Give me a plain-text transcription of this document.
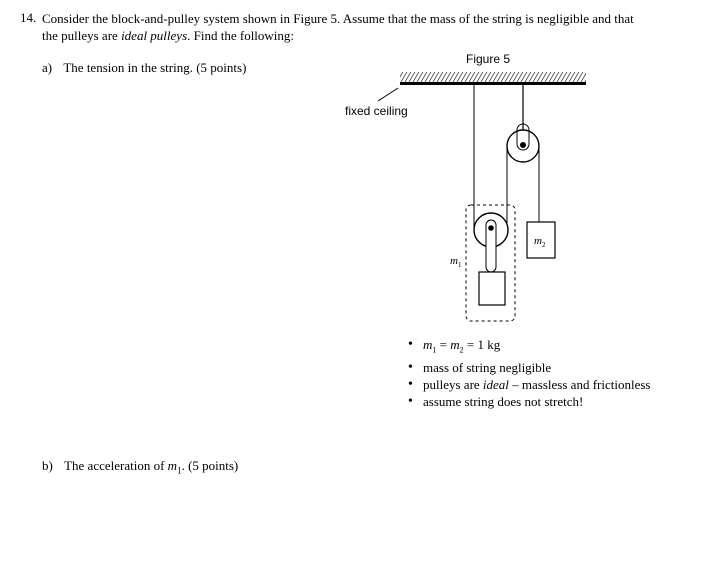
14. Consider the block-and-pulley system shown in Figure 5. Assume that the mass of the string is negligible and that
the pulleys are ideal pulleys. Find the following:
a) The tension in the string. (5 points)
b) The acceleration of $m_1$. (5 points)
Figure 5
fixed ceiling
$m_1$
$m_2$
• $m_1 = m_2 = 1$ kg
• mass of string negligible
• pulleys are ideal – massless and frictionless
• assume string does not stretch!
